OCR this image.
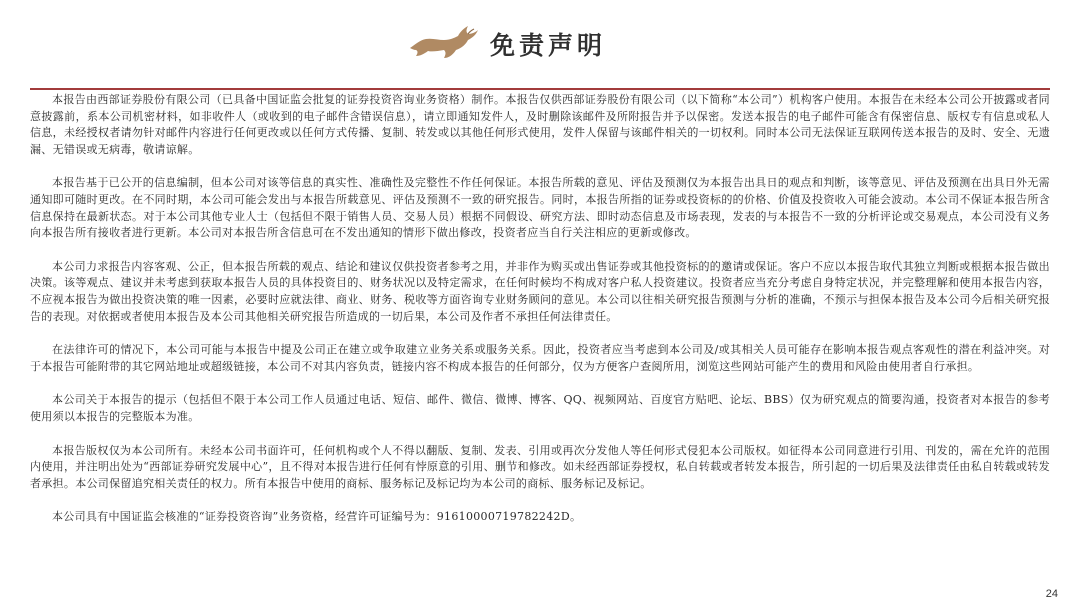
免责声明

本报告由西部证券股份有限公司（已具备中国证监会批复的证券投资咨询业务资格）制作。本报告仅供西部证券股份有限公司（以下简称“本公司”）机构客户使用。本报告在未经本公司公开披露或者同意披露前，系本公司机密材料，如非收件人（或收到的电子邮件含错误信息），请立即通知发件人，及时删除该邮件及所附报告并予以保密。发送本报告的电子邮件可能含有保密信息、版权专有信息或私人信息，未经授权者请勿针对邮件内容进行任何更改或以任何方式传播、复制、转发或以其他任何形式使用，发件人保留与该邮件相关的一切权利。同时本公司无法保证互联网传送本报告的及时、安全、无遗漏、无错误或无病毒，敬请谅解。

本报告基于已公开的信息编制，但本公司对该等信息的真实性、准确性及完整性不作任何保证。本报告所载的意见、评估及预测仅为本报告出具日的观点和判断，该等意见、评估及预测在出具日外无需通知即可随时更改。在不同时期，本公司可能会发出与本报告所载意见、评估及预测不一致的研究报告。同时，本报告所指的证券或投资标的的价格、价值及投资收入可能会波动。本公司不保证本报告所含信息保持在最新状态。对于本公司其他专业人士（包括但不限于销售人员、交易人员）根据不同假设、研究方法、即时动态信息及市场表现，发表的与本报告不一致的分析评论或交易观点，本公司没有义务向本报告所有接收者进行更新。本公司对本报告所含信息可在不发出通知的情形下做出修改，投资者应当自行关注相应的更新或修改。

本公司力求报告内容客观、公正，但本报告所载的观点、结论和建议仅供投资者参考之用，并非作为购买或出售证券或其他投资标的的邀请或保证。客户不应以本报告取代其独立判断或根据本报告做出决策。该等观点、建议并未考虑到获取本报告人员的具体投资目的、财务状况以及特定需求，在任何时候均不构成对客户私人投资建议。投资者应当充分考虑自身特定状况，并完整理解和使用本报告内容，不应视本报告为做出投资决策的唯一因素，必要时应就法律、商业、财务、税收等方面咨询专业财务顾问的意见。本公司以往相关研究报告预测与分析的准确，不预示与担保本报告及本公司今后相关研究报告的表现。对依据或者使用本报告及本公司其他相关研究报告所造成的一切后果，本公司及作者不承担任何法律责任。

在法律许可的情况下，本公司可能与本报告中提及公司正在建立或争取建立业务关系或服务关系。因此，投资者应当考虑到本公司及/或其相关人员可能存在影响本报告观点客观性的潜在利益冲突。对于本报告可能附带的其它网站地址或超级链接，本公司不对其内容负责，链接内容不构成本报告的任何部分，仅为方便客户查阅所用，浏览这些网站可能产生的费用和风险由使用者自行承担。

本公司关于本报告的提示（包括但不限于本公司工作人员通过电话、短信、邮件、微信、微博、博客、QQ、视频网站、百度官方贴吧、论坛、BBS）仅为研究观点的简要沟通，投资者对本报告的参考使用须以本报告的完整版本为准。

本报告版权仅为本公司所有。未经本公司书面许可，任何机构或个人不得以翻版、复制、发表、引用或再次分发他人等任何形式侵犯本公司版权。如征得本公司同意进行引用、刊发的，需在允许的范围内使用，并注明出处为“西部证券研究发展中心”，且不得对本报告进行任何有悖原意的引用、删节和修改。如未经西部证券授权，私自转载或者转发本报告，所引起的一切后果及法律责任由私自转载或转发者承担。本公司保留追究相关责任的权力。所有本报告中使用的商标、服务标记及标记均为本公司的商标、服务标记及标记。

本公司具有中国证监会核准的“证券投资咨询”业务资格，经营许可证编号为：91610000719782242D。

24
